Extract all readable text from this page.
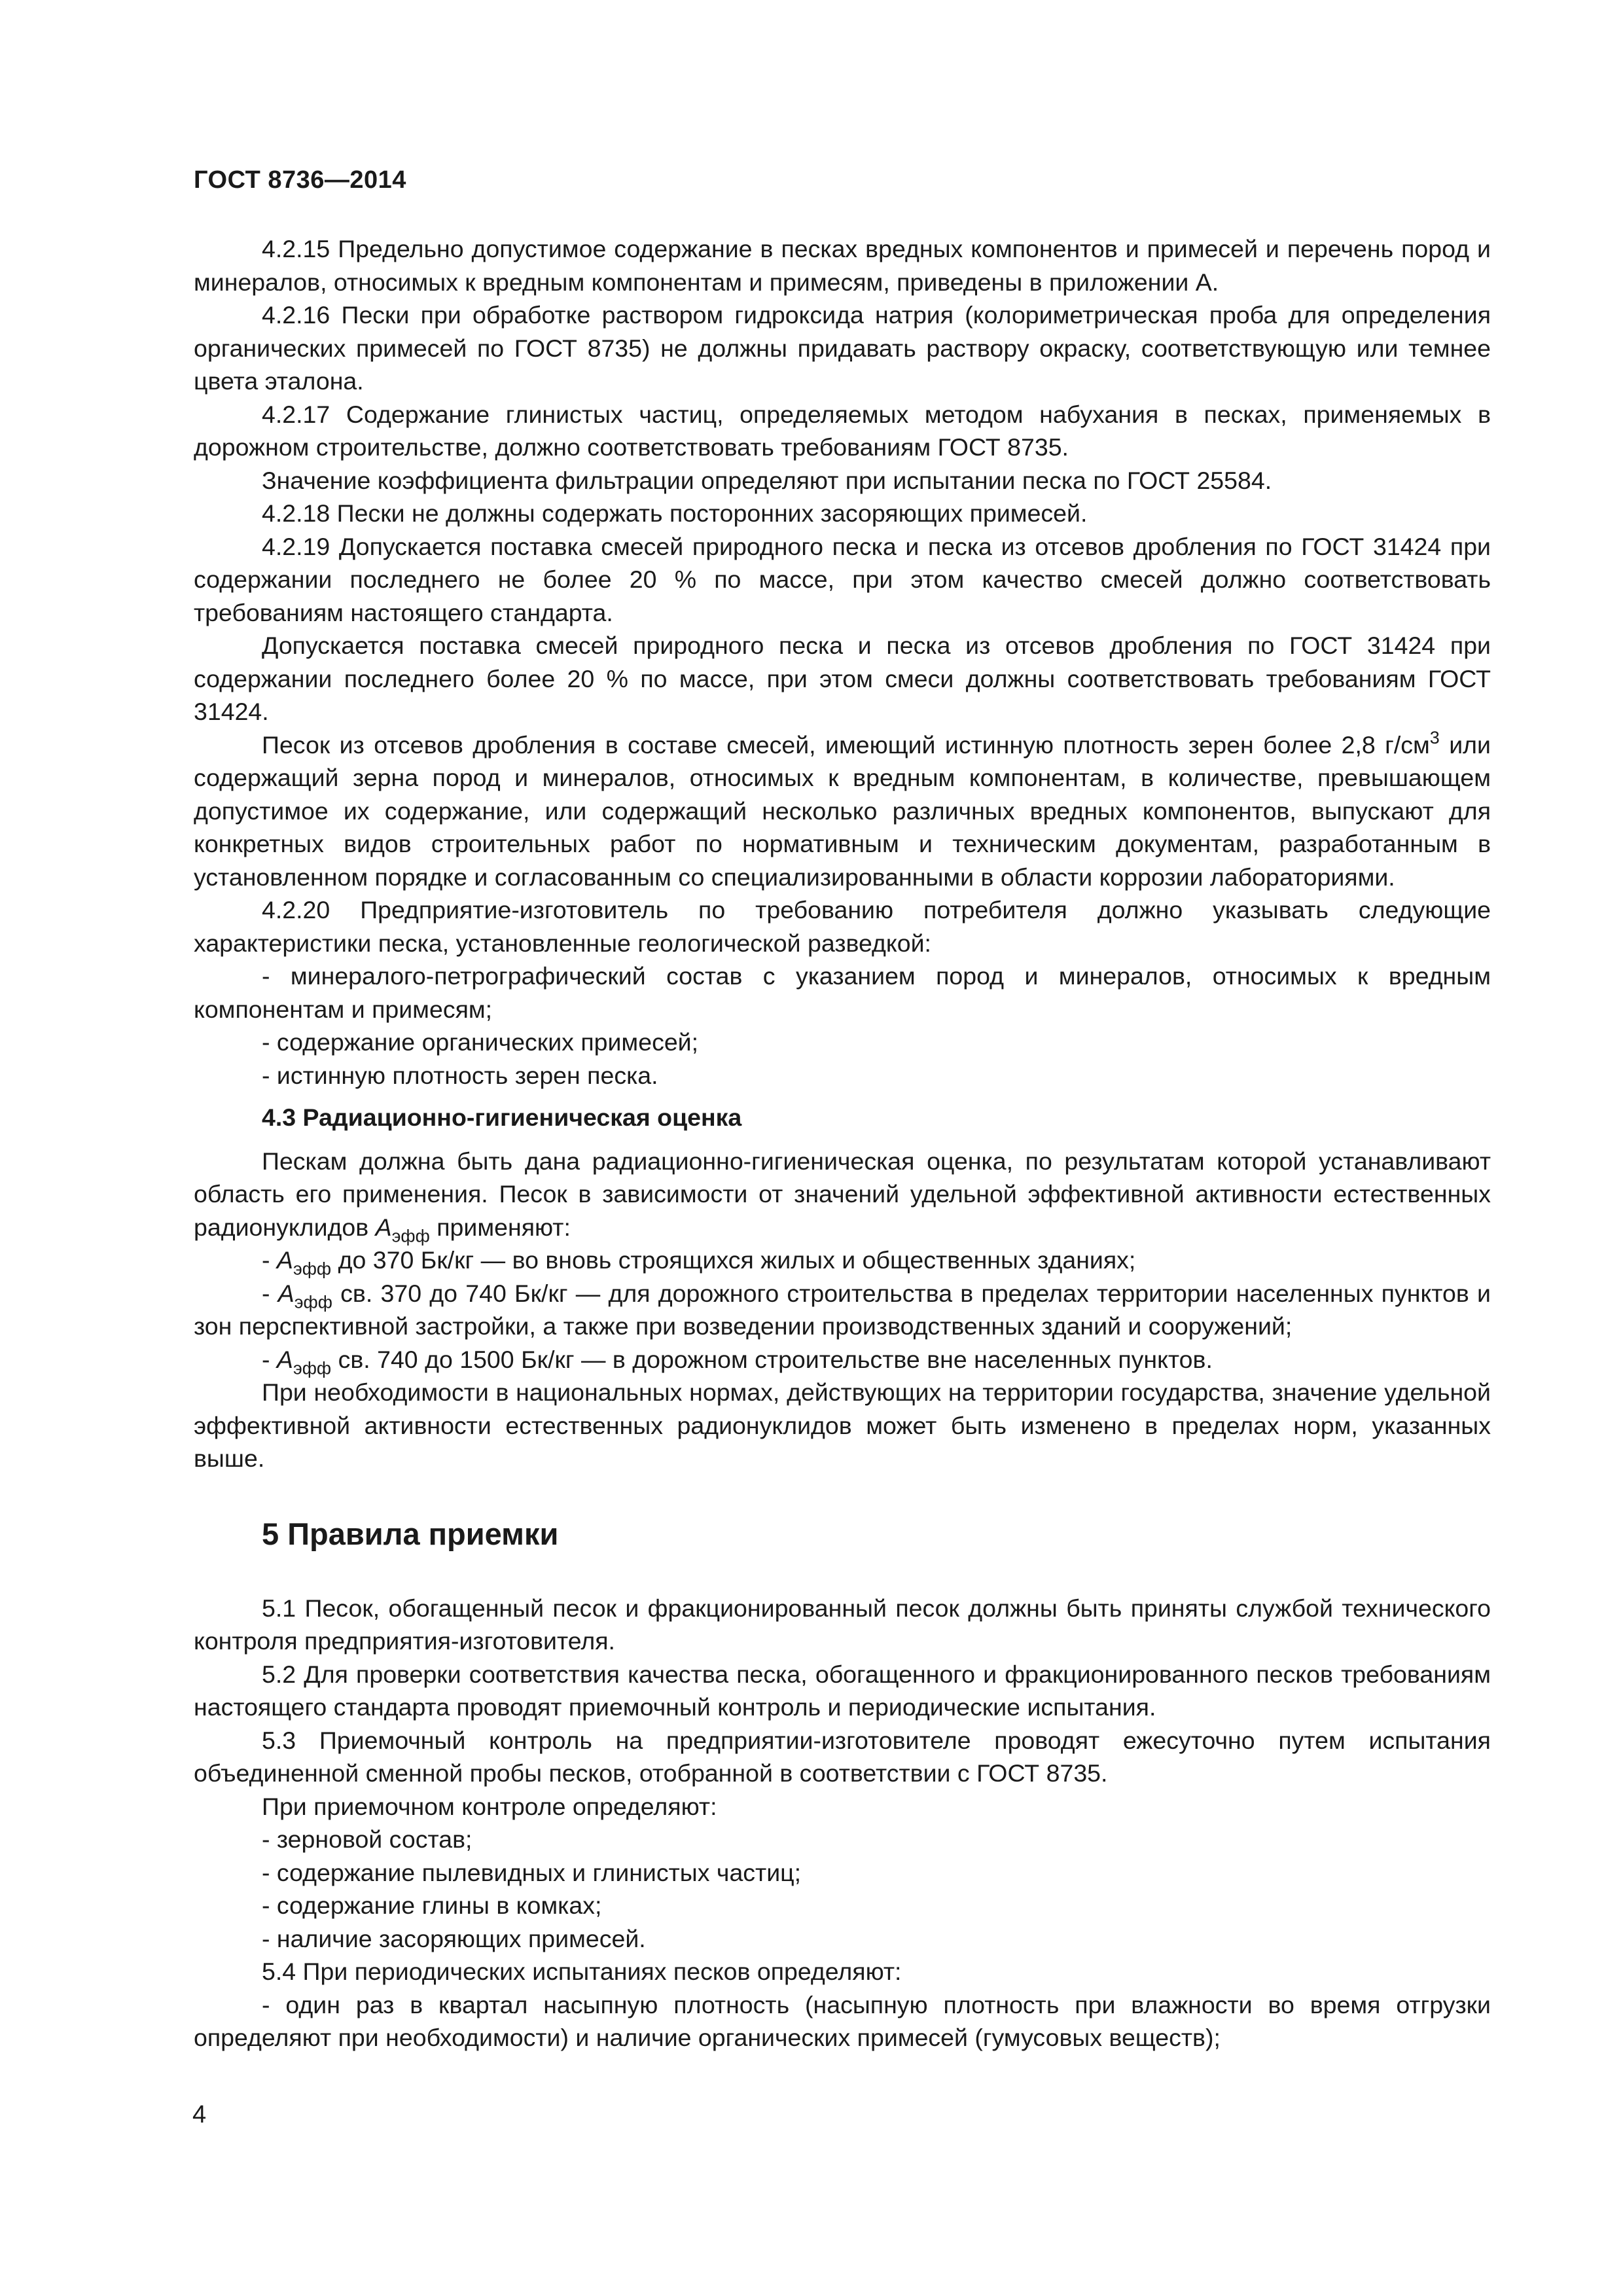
ГОСТ 8736—2014

4.2.15 Предельно допустимое содержание в песках вредных компонентов и примесей и перечень пород и минералов, относимых к вредным компонентам и примесям, приведены в приложении А.

4.2.16 Пески при обработке раствором гидроксида натрия (колориметрическая проба для определения органических примесей по ГОСТ 8735) не должны придавать раствору окраску, соответствующую или темнее цвета эталона.

4.2.17 Содержание глинистых частиц, определяемых методом набухания в песках, применяемых в дорожном строительстве, должно соответствовать требованиям ГОСТ 8735.

Значение коэффициента фильтрации определяют при испытании песка по ГОСТ 25584.

4.2.18 Пески не должны содержать посторонних засоряющих примесей.

4.2.19 Допускается поставка смесей природного песка и песка из отсевов дробления по ГОСТ 31424 при содержании последнего не более 20 % по массе, при этом качество смесей должно соответствовать требованиям настоящего стандарта.

Допускается поставка смесей природного песка и песка из отсевов дробления по ГОСТ 31424 при содержании последнего более 20 % по массе, при этом смеси должны соответствовать требованиям ГОСТ 31424.

Песок из отсевов дробления в составе смесей, имеющий истинную плотность зерен более 2,8 $г/см^3$ или содержащий зерна пород и минералов, относимых к вредным компонентам, в количестве, превышающем допустимое их содержание, или содержащий несколько различных вредных компонентов, выпускают для конкретных видов строительных работ по нормативным и техническим документам, разработанным в установленном порядке и согласованным со специализированными в области коррозии лабораториями.

4.2.20 Предприятие-изготовитель по требованию потребителя должно указывать следующие характеристики песка, установленные геологической разведкой:

- минералого-петрографический состав с указанием пород и минералов, относимых к вредным компонентам и примесям;

- содержание органических примесей;

- истинную плотность зерен песка.

4.3 Радиационно-гигиеническая оценка

Пескам должна быть дана радиационно-гигиеническая оценка, по результатам которой устанавливают область его применения. Песок в зависимости от значений удельной эффективной активности естественных радионуклидов $А_{эфф}$ применяют:

- $А_{эфф}$ до 370 Бк/кг — во вновь строящихся жилых и общественных зданиях;

- $А_{эфф}$ св. 370 до 740 Бк/кг — для дорожного строительства в пределах территории населенных пунктов и зон перспективной застройки, а также при возведении производственных зданий и сооружений;

- $А_{эфф}$ св. 740 до 1500 Бк/кг — в дорожном строительстве вне населенных пунктов.

При необходимости в национальных нормах, действующих на территории государства, значение удельной эффективной активности естественных радионуклидов может быть изменено в пределах норм, указанных выше.

5 Правила приемки

5.1 Песок, обогащенный песок и фракционированный песок должны быть приняты службой технического контроля предприятия-изготовителя.

5.2 Для проверки соответствия качества песка, обогащенного и фракционированного песков требованиям настоящего стандарта проводят приемочный контроль и периодические испытания.

5.3 Приемочный контроль на предприятии-изготовителе проводят ежесуточно путем испытания объединенной сменной пробы песков, отобранной в соответствии с ГОСТ 8735.

При приемочном контроле определяют:

- зерновой состав;

- содержание пылевидных и глинистых частиц;

- содержание глины в комках;

- наличие засоряющих примесей.

5.4 При периодических испытаниях песков определяют:

- один раз в квартал насыпную плотность (насыпную плотность при влажности во время отгрузки определяют при необходимости) и наличие органических примесей (гумусовых веществ);

4
